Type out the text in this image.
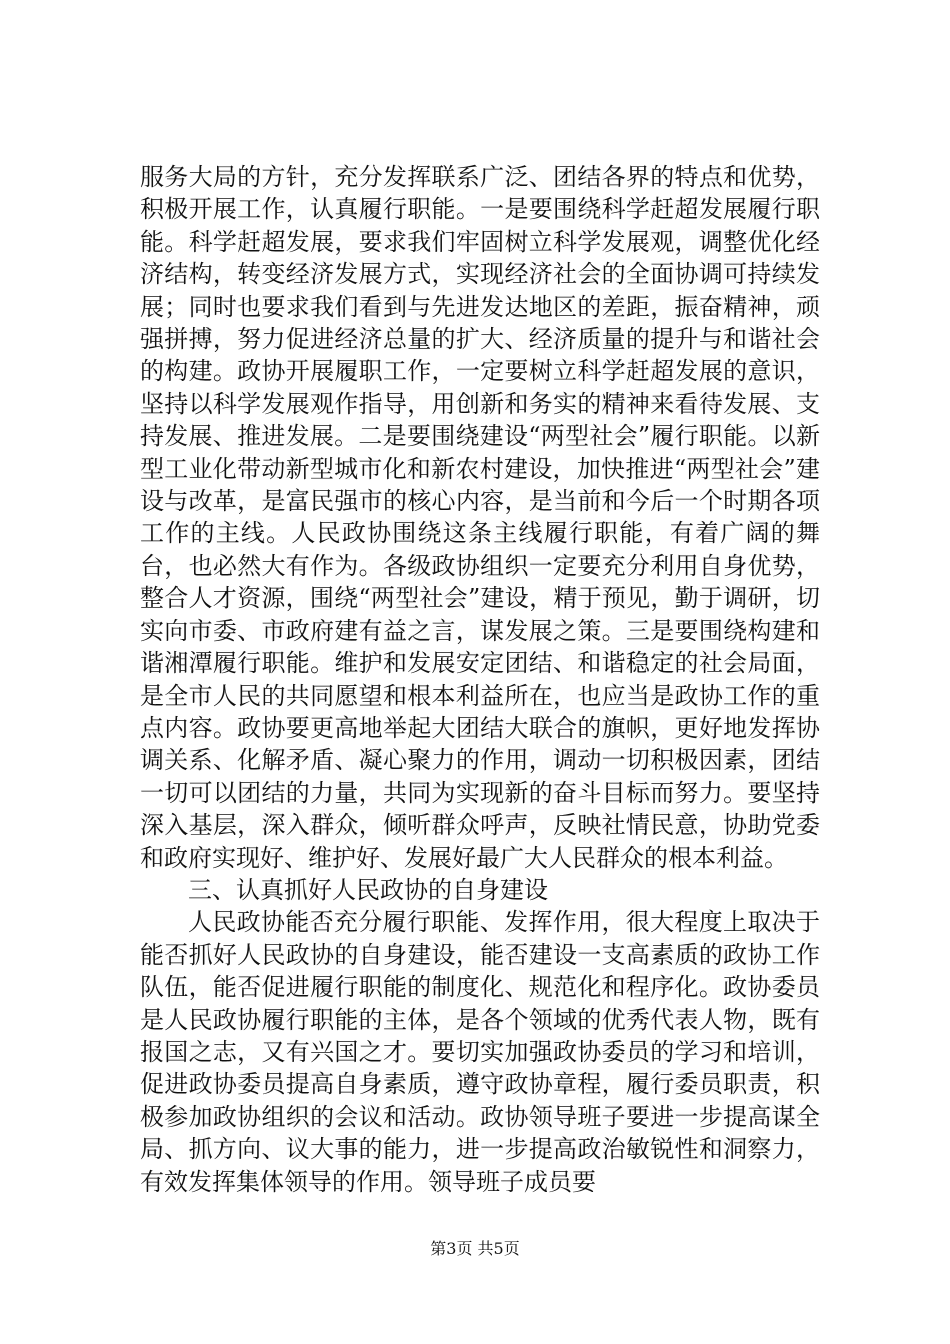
服务大局的方针，充分发挥联系广泛、团结各界的特点和优势，积极开展工作，认真履行职能。一是要围绕科学赶超发展履行职能。科学赶超发展，要求我们牢固树立科学发展观，调整优化经济结构，转变经济发展方式，实现经济社会的全面协调可持续发展；同时也要求我们看到与先进发达地区的差距，振奋精神，顽强拼搏，努力促进经济总量的扩大、经济质量的提升与和谐社会的构建。政协开展履职工作，一定要树立科学赶超发展的意识，坚持以科学发展观作指导，用创新和务实的精神来看待发展、支持发展、推进发展。二是要围绕建设“两型社会”履行职能。以新型工业化带动新型城市化和新农村建设，加快推进“两型社会”建设与改革，是富民强市的核心内容，是当前和今后一个时期各项工作的主线。人民政协围绕这条主线履行职能，有着广阔的舞台，也必然大有作为。各级政协组织一定要充分利用自身优势，整合人才资源，围绕“两型社会”建设，精于预见，勤于调研，切实向市委、市政府建有益之言，谋发展之策。三是要围绕构建和谐湘潭履行职能。维护和发展安定团结、和谐稳定的社会局面，是全市人民的共同愿望和根本利益所在，也应当是政协工作的重点内容。政协要更高地举起大团结大联合的旗帜，更好地发挥协调关系、化解矛盾、凝心聚力的作用，调动一切积极因素，团结一切可以团结的力量，共同为实现新的奋斗目标而努力。要坚持深入基层，深入群众，倾听群众呼声，反映社情民意，协助党委和政府实现好、维护好、发展好最广大人民群众的根本利益。

三、认真抓好人民政协的自身建设

人民政协能否充分履行职能、发挥作用，很大程度上取决于能否抓好人民政协的自身建设，能否建设一支高素质的政协工作队伍，能否促进履行职能的制度化、规范化和程序化。政协委员是人民政协履行职能的主体，是各个领域的优秀代表人物，既有报国之志，又有兴国之才。要切实加强政协委员的学习和培训，促进政协委员提高自身素质，遵守政协章程，履行委员职责，积极参加政协组织的会议和活动。政协领导班子要进一步提高谋全局、抓方向、议大事的能力，进一步提高政治敏锐性和洞察力，有效发挥集体领导的作用。领导班子成员要

第3页 共5页
